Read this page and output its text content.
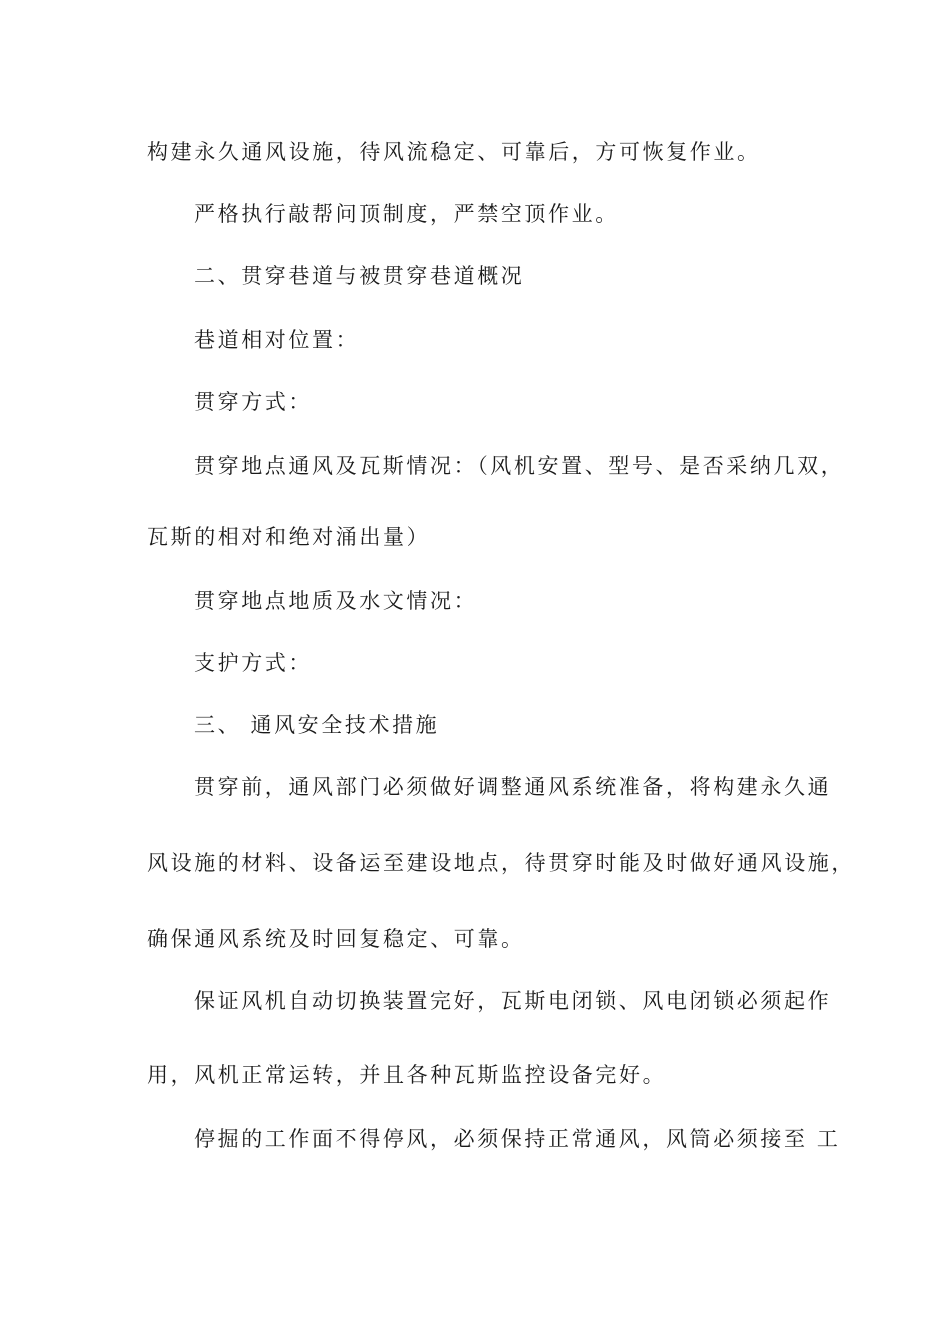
构建永久通风设施，待风流稳定、可靠后，方可恢复作业。
严格执行敲帮问顶制度，严禁空顶作业。
二、贯穿巷道与被贯穿巷道概况
巷道相对位置：
贯穿方式：
贯穿地点通风及瓦斯情况：（风机安置、型号、是否采纳几双，
瓦斯的相对和绝对涌出量）
贯穿地点地质及水文情况：
支护方式：
三、 通风安全技术措施
贯穿前，通风部门必须做好调整通风系统准备，将构建永久通
风设施的材料、设备运至建设地点，待贯穿时能及时做好通风设施，
确保通风系统及时回复稳定、可靠。
保证风机自动切换装置完好，瓦斯电闭锁、风电闭锁必须起作
用，风机正常运转，并且各种瓦斯监控设备完好。
停掘的工作面不得停风，必须保持正常通风，风筒必须接至 工
